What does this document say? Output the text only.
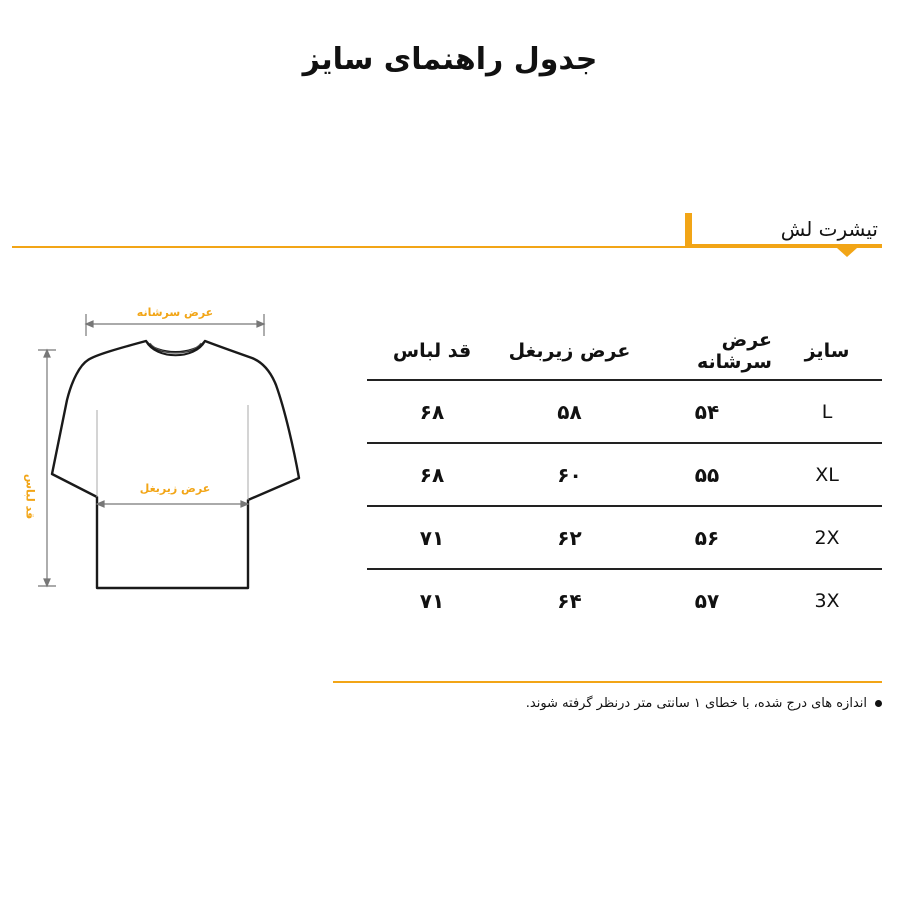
جدول راهنمای سایز
تیشرت لش
عرض سرشانه
عرض زیربغل
قد لباس
سایز
عرض سرشانه
عرض زیربغل
قد لباس
L
۵۴
۵۸
۶۸
XL
۵۵
۶۰
۶۸
2X
۵۶
۶۲
۷۱
3X
۵۷
۶۴
۷۱
اندازه های درج شده، با خطای ۱ سانتی متر درنظر گرفته شوند.
